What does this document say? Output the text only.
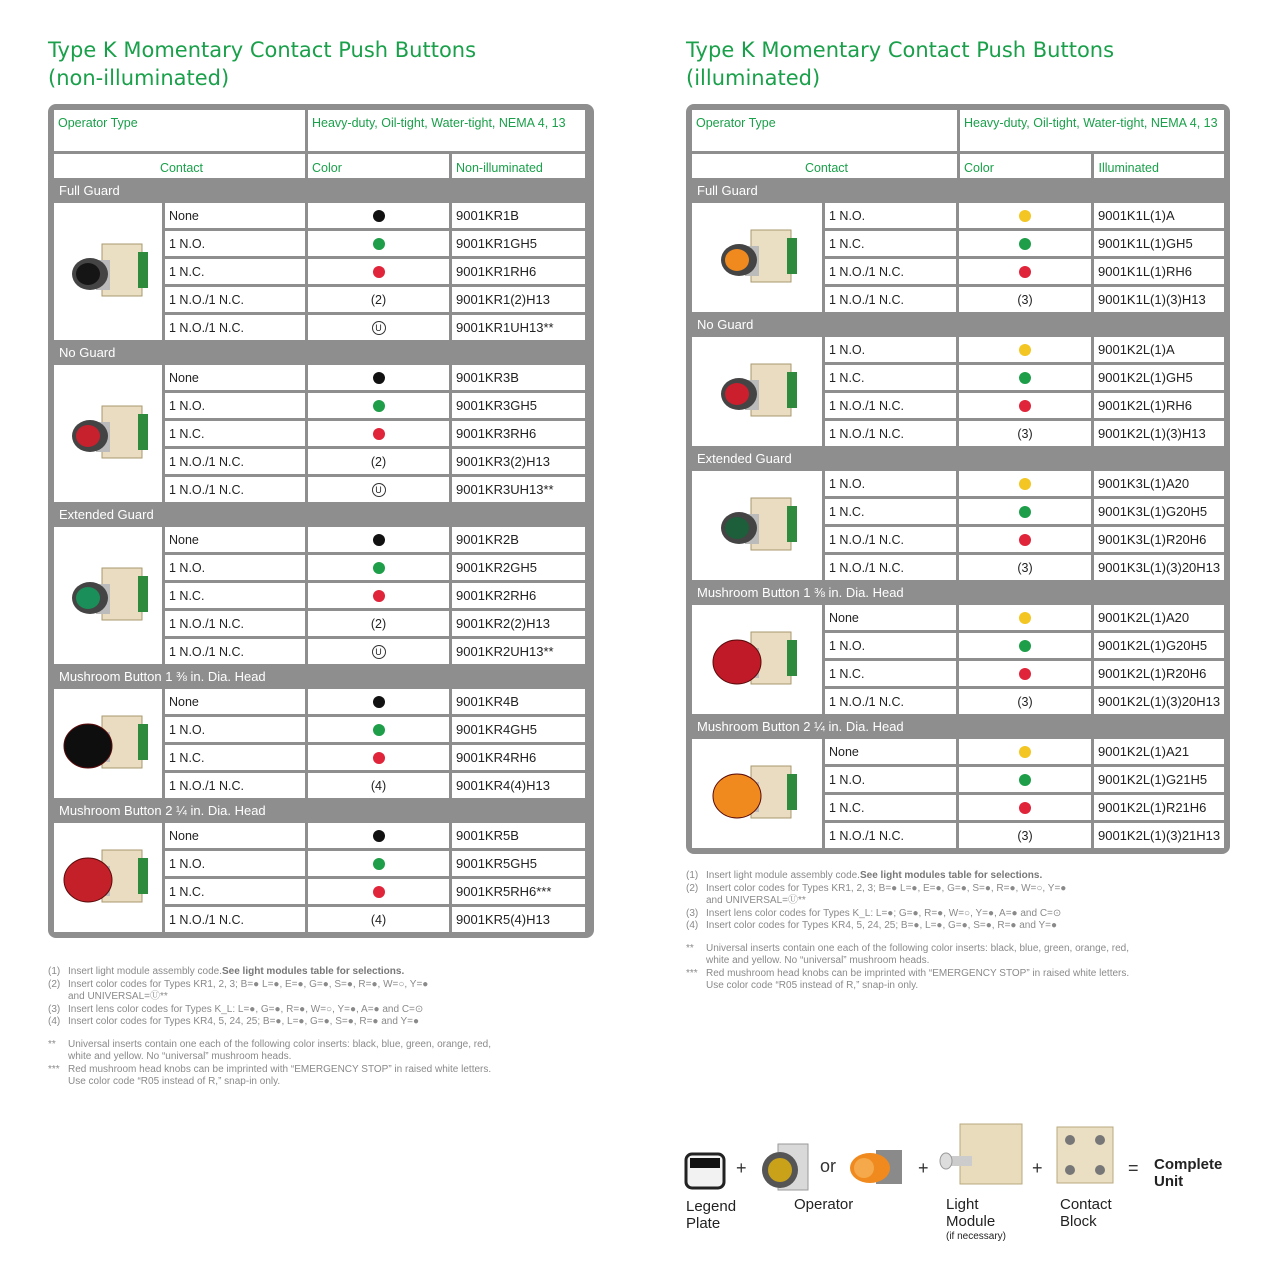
Type K Momentary Contact Push Buttons
(non-illuminated)
Operator Type	Heavy-duty, Oil-tight, Water-tight, NEMA 4, 13
Contact	Color	Non-illuminated
Full Guard
None	9001KR1B
1 N.O.	9001KR1GH5
1 N.C.	9001KR1RH6
1 N.O./1 N.C.	(2)	9001KR1(2)H13
1 N.O./1 N.C.	U	9001KR1UH13**
No Guard
None	9001KR3B
1 N.O.	9001KR3GH5
1 N.C.	9001KR3RH6
1 N.O./1 N.C.	(2)	9001KR3(2)H13
1 N.O./1 N.C.	U	9001KR3UH13**
Extended Guard
None	9001KR2B
1 N.O.	9001KR2GH5
1 N.C.	9001KR2RH6
1 N.O./1 N.C.	(2)	9001KR2(2)H13
1 N.O./1 N.C.	U	9001KR2UH13**
Mushroom Button 1 ⅜ in. Dia. Head
None	9001KR4B
1 N.O.	9001KR4GH5
1 N.C.	9001KR4RH6
1 N.O./1 N.C.	(4)	9001KR4(4)H13
Mushroom Button 2 ¼ in. Dia. Head
None	9001KR5B
1 N.O.	9001KR5GH5
1 N.C.	9001KR5RH6***
1 N.O./1 N.C.	(4)	9001KR5(4)H13
(1) Insert light module assembly code. See light modules table for selections.
(2) Insert color codes for Types KR1, 2, 3; B=● L=●, E=●, G=●, S=●, R=●, W=○, Y=●
and UNIVERSAL=Ⓤ**
(3) Insert lens color codes for Types K_L: L=●, G=●, R=●, W=○, Y=●, A=● and C=⊙
(4) Insert color codes for Types KR4, 5, 24, 25; B=●, L=●, G=●, S=●, R=● and Y=●
**	Universal inserts contain one each of the following color inserts: black, blue, green, orange, red,
white and yellow. No “universal” mushroom heads.
*** Red mushroom head knobs can be imprinted with “EMERGENCY STOP” in raised white letters.
Use color code “R05 instead of R,” snap-in only.
Type K Momentary Contact Push Buttons
(illuminated)
Operator Type	Heavy-duty, Oil-tight, Water-tight, NEMA 4, 13
Contact	Color	Illuminated
Full Guard
1 N.O.	9001K1L(1)A
1 N.C.	9001K1L(1)GH5
1 N.O./1 N.C.	9001K1L(1)RH6
1 N.O./1 N.C.	(3)	9001K1L(1)(3)H13
No Guard
1 N.O.	9001K2L(1)A
1 N.C.	9001K2L(1)GH5
1 N.O./1 N.C.	9001K2L(1)RH6
1 N.O./1 N.C.	(3)	9001K2L(1)(3)H13
Extended Guard
1 N.O.	9001K3L(1)A20
1 N.C.	9001K3L(1)G20H5
1 N.O./1 N.C.	9001K3L(1)R20H6
1 N.O./1 N.C.	(3)	9001K3L(1)(3)20H13
Mushroom Button 1 ⅜ in. Dia. Head
None	9001K2L(1)A20
1 N.O.	9001K2L(1)G20H5
1 N.C.	9001K2L(1)R20H6
1 N.O./1 N.C.	(3)	9001K2L(1)(3)20H13
Mushroom Button 2 ¼ in. Dia. Head
None	9001K2L(1)A21
1 N.O.	9001K2L(1)G21H5
1 N.C.	9001K2L(1)R21H6
1 N.O./1 N.C.	(3)	9001K2L(1)(3)21H13
(1) Insert light module assembly code. See light modules table for selections.
(2) Insert color codes for Types KR1, 2, 3; B=● L=●, E=●, G=●, S=●, R=●, W=○, Y=●
and UNIVERSAL=Ⓤ**
(3) Insert lens color codes for Types K_L: L=●; G=●, R=●, W=○, Y=●, A=● and C=⊙
(4) Insert color codes for Types KR4, 5, 24, 25; B=●, L=●, G=●, S=●, R=● and Y=●
**	Universal inserts contain one each of the following color inserts: black, blue, green, orange, red,
white and yellow. No “universal” mushroom heads.
*** Red mushroom head knobs can be imprinted with “EMERGENCY STOP” in raised white letters.
Use color code “R05 instead of R,” snap-in only.
+	or	+	+	= Complete Unit
Legend Plate
Operator	Light Module
(if necessary)
Contact Block
